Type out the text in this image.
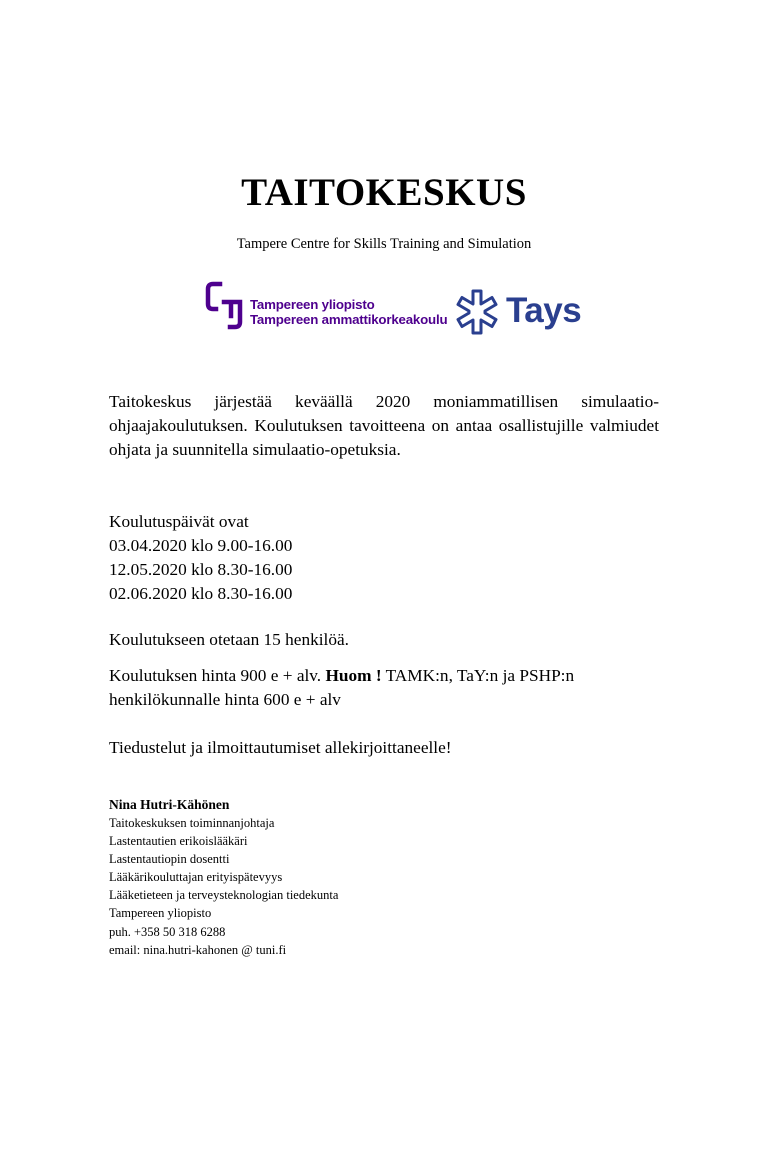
TAITOKESKUS
Tampere Centre for Skills Training and Simulation
Tampereen yliopisto
Tampereen ammattikorkeakoulu Tays

Taitokeskus järjestää keväällä 2020 moniammatillisen simulaatio-ohjaajakoulutuksen. Koulutuksen tavoitteena on antaa osallistujille valmiudet ohjata ja suunnitella simulaatio-opetuksia.

Koulutuspäivät ovat
03.04.2020 klo 9.00-16.00
12.05.2020 klo 8.30-16.00
02.06.2020 klo 8.30-16.00

Koulutukseen otetaan 15 henkilöä.

Koulutuksen hinta 900 e + alv. Huom ! TAMK:n, TaY:n ja PSHP:n henkilökunnalle hinta 600 e + alv

Tiedustelut ja ilmoittautumiset allekirjoittaneelle!

Nina Hutri-Kähönen
Taitokeskuksen toiminnanjohtaja
Lastentautien erikoislääkäri
Lastentautiopin dosentti
Lääkärikouluttajan erityispätevyys
Lääketieteen ja terveysteknologian tiedekunta
Tampereen yliopisto
puh. +358 50 318 6288
email: nina.hutri-kahonen @ tuni.fi
